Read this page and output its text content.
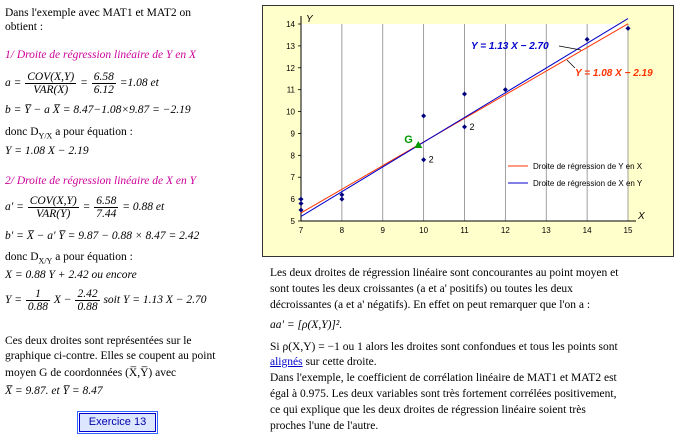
Dans l'exemple avec MAT1 et MAT2 on
obtient :
1/ Droite de régression linéaire de Y en X
$a = \frac{\text{COV(X,Y)}}{\text{VAR(X)}} = \frac{6.58}{6.12} =1.08$ et
b = Y̅ − a X̅ = 8.47−1.08×9.87 = −2.19
donc $D_{Y/X}$ a pour équation :
Y = 1.08 X − 2.19
2/ Droite de régression linéaire de X en Y
$a' = \frac{\text{COV(X,Y)}}{\text{VAR(Y)}} = \frac{6.58}{7.44} = 0.88$ et
b' = X̅ − a' Y̅ = 9.87 − 0.88 × 8.47 = 2.42
donc $D_{X/Y}$ a pour équation :
X = 0.88 Y + 2.42 ou encore
$Y = \frac{1}{0.88}$ $X - \frac{2.42}{0.88}$ soit Y = 1.13 X − 2.70
Ces deux droites sont représentées sur le
graphique ci-contre. Elles se coupent au point
moyen G de coordonnées (X̅,Y̅) avec
X̅ = 9.87. et Y̅ = 8.47
Exercice 13
7	8	9	10	11	12	13	14	15
5
6
7
8
9
10
11
12
13
14
X
Y
2
2
G
Y = 1.13 X − 2.70
Y = 1.08 X − 2.19
Droite de régression de Y en X
Droite de régression de X en Y
Les deux droites de régression linéaire sont concourantes au point moyen et
sont toutes les deux croissantes (a et a' positifs) ou toutes les deux
décroissantes (a et a' négatifs). En effet on peut remarquer que l'on a :
aa' = [ρ(X,Y)]².
Si ρ(X,Y) = −1 ou 1 alors les droites sont confondues et tous les points sont
alignés sur cette droite.
Dans l'exemple, le coefficient de corrélation linéaire de MAT1 et MAT2 est
égal à 0.975. Les deux variables sont très fortement corrélées positivement,
ce qui explique que les deux droites de régression linéaire soient très
proches l'une de l'autre.
